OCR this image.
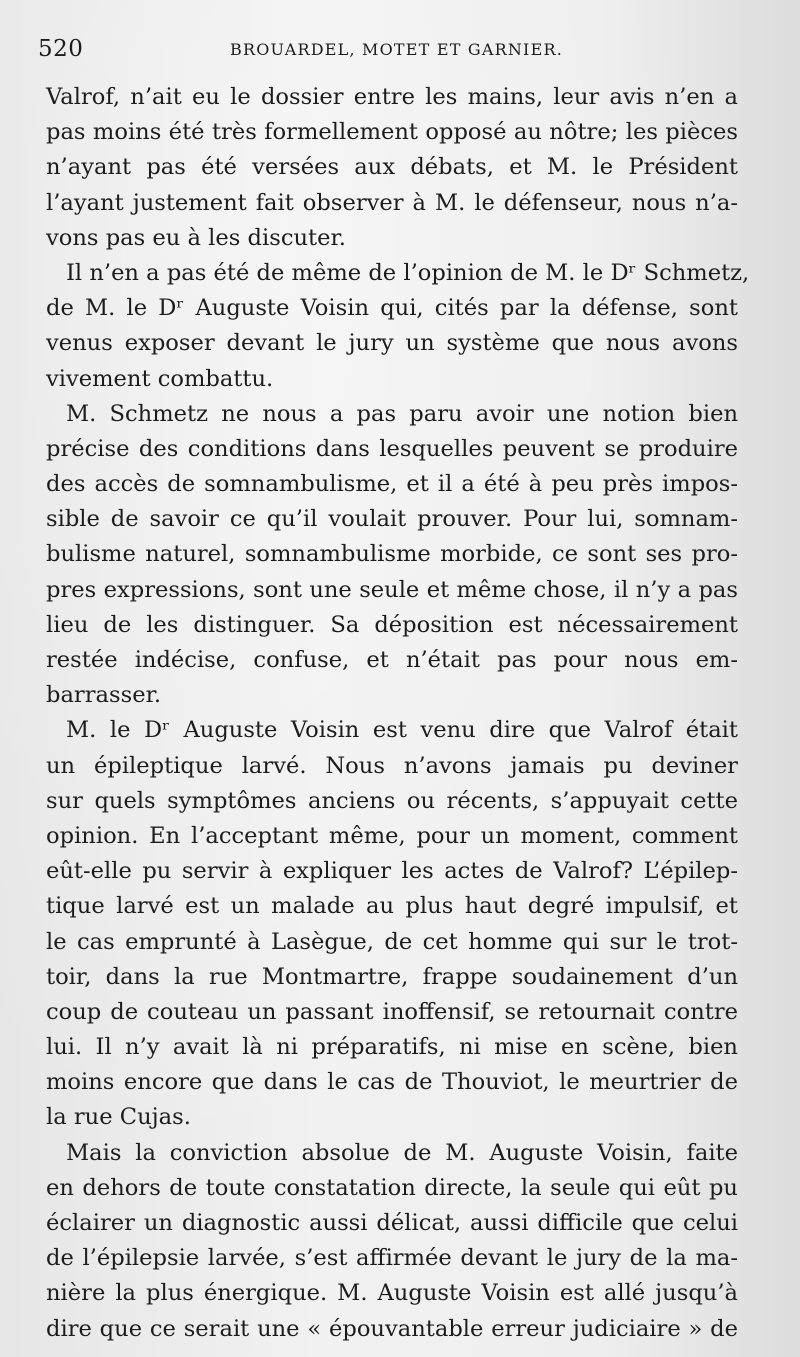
520	BROUARDEL, MOTET ET GARNIER.
Valrof, n’ait eu le dossier entre les mains, leur avis n’en a
pas moins été très formellement opposé au nôtre; les pièces
n’ayant pas été versées aux débats, et M. le Président
l’ayant justement fait observer à M. le défenseur, nous n’a-
vons pas eu à les discuter.
Il n’en a pas été de même de l’opinion de M. le Dʳ Schmetz,
de M. le Dʳ Auguste Voisin qui, cités par la défense, sont
venus exposer devant le jury un système que nous avons
vivement combattu.
M. Schmetz ne nous a pas paru avoir une notion bien
précise des conditions dans lesquelles peuvent se produire
des accès de somnambulisme, et il a été à peu près impos-
sible de savoir ce qu’il voulait prouver. Pour lui, somnam-
bulisme naturel, somnambulisme morbide, ce sont ses pro-
pres expressions, sont une seule et même chose, il n’y a pas
lieu de les distinguer. Sa déposition est nécessairement
restée indécise, confuse, et n’était pas pour nous em-
barrasser.
M. le Dʳ Auguste Voisin est venu dire que Valrof était
un épileptique larvé. Nous n’avons jamais pu deviner
sur quels symptômes anciens ou récents, s’appuyait cette
opinion. En l’acceptant même, pour un moment, comment
eût-elle pu servir à expliquer les actes de Valrof? L’épilep-
tique larvé est un malade au plus haut degré impulsif, et
le cas emprunté à Lasègue, de cet homme qui sur le trot-
toir, dans la rue Montmartre, frappe soudainement d’un
coup de couteau un passant inoffensif, se retournait contre
lui. Il n’y avait là ni préparatifs, ni mise en scène, bien
moins encore que dans le cas de Thouviot, le meurtrier de
la rue Cujas.
Mais la conviction absolue de M. Auguste Voisin, faite
en dehors de toute constatation directe, la seule qui eût pu
éclairer un diagnostic aussi délicat, aussi difficile que celui
de l’épilepsie larvée, s’est affirmée devant le jury de la ma-
nière la plus énergique. M. Auguste Voisin est allé jusqu’à
dire que ce serait une « épouvantable erreur judiciaire » de
